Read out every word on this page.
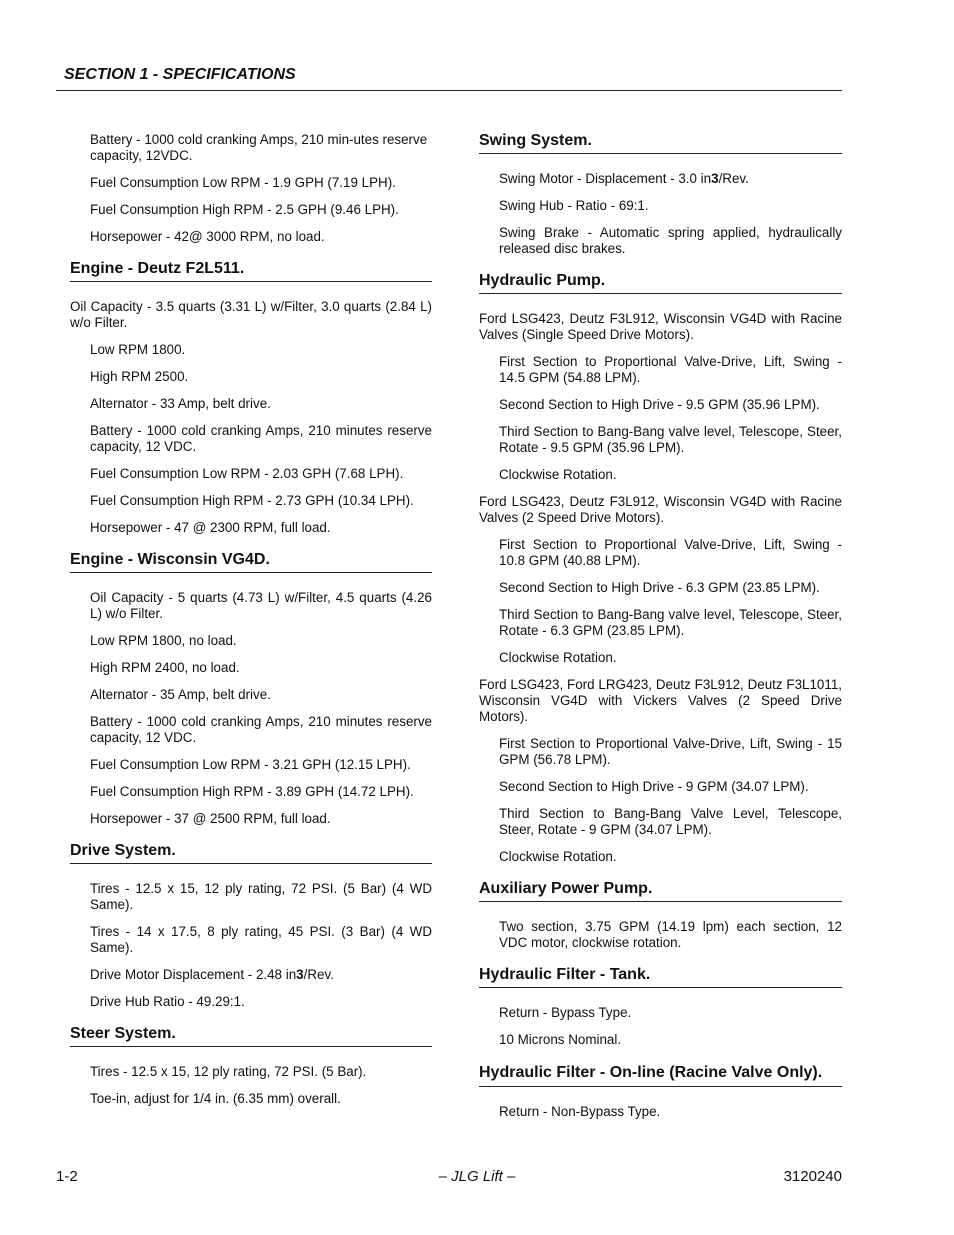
SECTION 1 - SPECIFICATIONS
Battery - 1000 cold cranking Amps, 210 min-utes reserve capacity, 12VDC.
Fuel Consumption Low RPM - 1.9 GPH (7.19 LPH).
Fuel Consumption High RPM - 2.5 GPH (9.46 LPH).
Horsepower - 42@ 3000 RPM, no load.
Engine - Deutz F2L511.
Oil Capacity - 3.5 quarts (3.31 L) w/Filter, 3.0 quarts (2.84 L) w/o Filter.
Low RPM 1800.
High RPM 2500.
Alternator - 33 Amp, belt drive.
Battery - 1000 cold cranking Amps, 210 minutes reserve capacity, 12 VDC.
Fuel Consumption Low RPM - 2.03 GPH (7.68 LPH).
Fuel Consumption High RPM - 2.73 GPH (10.34 LPH).
Horsepower - 47 @ 2300 RPM, full load.
Engine - Wisconsin VG4D.
Oil Capacity - 5 quarts (4.73 L) w/Filter, 4.5 quarts (4.26 L) w/o Filter.
Low RPM 1800, no load.
High RPM 2400, no load.
Alternator - 35 Amp, belt drive.
Battery - 1000 cold cranking Amps, 210 minutes reserve capacity, 12 VDC.
Fuel Consumption Low RPM - 3.21 GPH (12.15 LPH).
Fuel Consumption High RPM - 3.89 GPH (14.72 LPH).
Horsepower - 37 @ 2500 RPM, full load.
Drive System.
Tires - 12.5 x 15, 12 ply rating, 72 PSI. (5 Bar) (4 WD Same).
Tires - 14 x 17.5, 8 ply rating, 45 PSI. (3 Bar) (4 WD Same).
Drive Motor Displacement - 2.48 in3/Rev.
Drive Hub Ratio - 49.29:1.
Steer System.
Tires - 12.5 x 15, 12 ply rating, 72 PSI. (5 Bar).
Toe-in, adjust for 1/4 in. (6.35 mm) overall.
Swing System.
Swing Motor - Displacement - 3.0 in3/Rev.
Swing Hub - Ratio - 69:1.
Swing Brake - Automatic spring applied, hydraulically released disc brakes.
Hydraulic Pump.
Ford LSG423, Deutz F3L912, Wisconsin VG4D with Racine Valves (Single Speed Drive Motors).
First Section to Proportional Valve-Drive, Lift, Swing - 14.5 GPM (54.88 LPM).
Second Section to High Drive - 9.5 GPM (35.96 LPM).
Third Section to Bang-Bang valve level, Telescope, Steer, Rotate - 9.5 GPM (35.96 LPM).
Clockwise Rotation.
Ford LSG423, Deutz F3L912, Wisconsin VG4D with Racine Valves (2 Speed Drive Motors).
First Section to Proportional Valve-Drive, Lift, Swing - 10.8 GPM (40.88 LPM).
Second Section to High Drive - 6.3 GPM (23.85 LPM).
Third Section to Bang-Bang valve level, Telescope, Steer, Rotate - 6.3 GPM (23.85 LPM).
Clockwise Rotation.
Ford LSG423, Ford LRG423, Deutz F3L912, Deutz F3L1011, Wisconsin VG4D with Vickers Valves (2 Speed Drive Motors).
First Section to Proportional Valve-Drive, Lift, Swing - 15 GPM (56.78 LPM).
Second Section to High Drive - 9 GPM (34.07 LPM).
Third Section to Bang-Bang Valve Level, Telescope, Steer, Rotate - 9 GPM (34.07 LPM).
Clockwise Rotation.
Auxiliary Power Pump.
Two section, 3.75 GPM (14.19 lpm) each section, 12 VDC motor, clockwise rotation.
Hydraulic Filter - Tank.
Return - Bypass Type.
10 Microns Nominal.
Hydraulic Filter - On-line (Racine Valve Only).
Return - Non-Bypass Type.
1-2	– JLG Lift –	3120240
